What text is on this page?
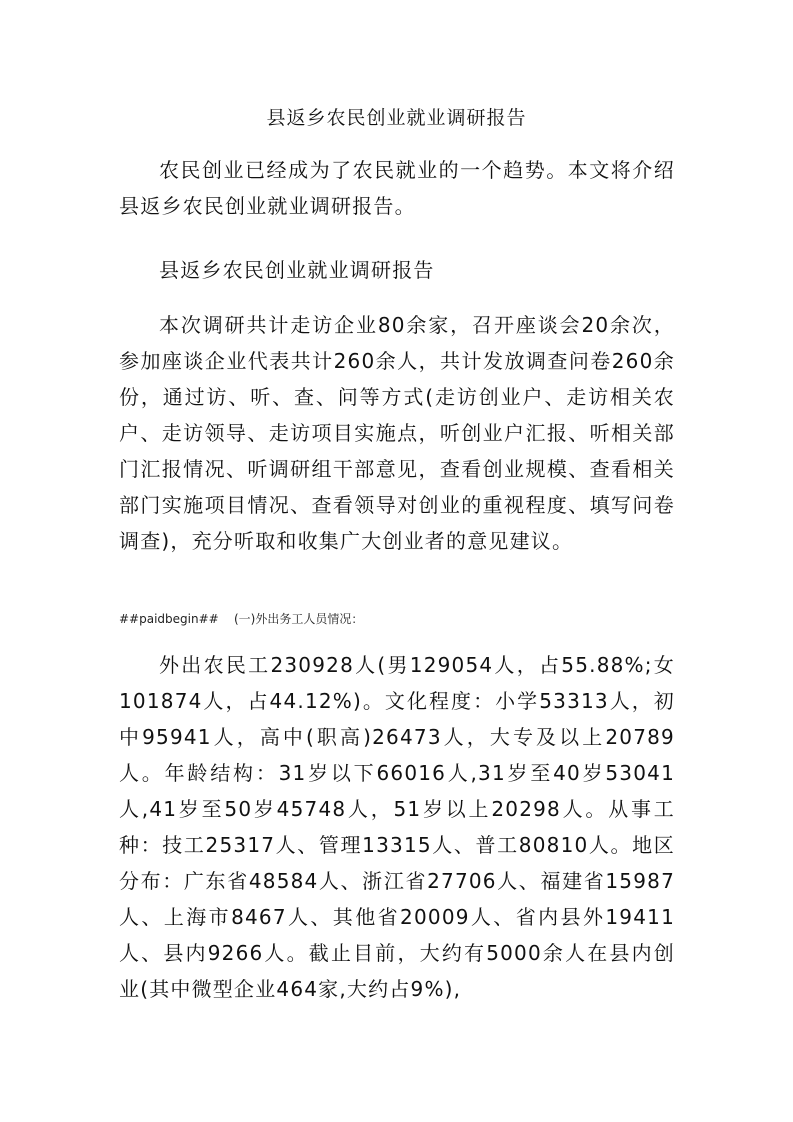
县返乡农民创业就业调研报告

农民创业已经成为了农民就业的一个趋势。本文将介绍县返乡农民创业就业调研报告。

县返乡农民创业就业调研报告

本次调研共计走访企业80余家，召开座谈会20余次，参加座谈企业代表共计260余人，共计发放调查问卷260余份，通过访、听、查、问等方式(走访创业户、走访相关农户、走访领导、走访项目实施点，听创业户汇报、听相关部门汇报情况、听调研组干部意见，查看创业规模、查看相关部门实施项目情况、查看领导对创业的重视程度、填写问卷调查)，充分听取和收集广大创业者的意见建议。

##paidbegin## (一)外出务工人员情况：

外出农民工230928人(男129054人，占55.88%;女101874人，占44.12%)。文化程度：小学53313人，初中95941人，高中(职高)26473人，大专及以上20789人。年龄结构：31岁以下66016人,31岁至40岁53041人,41岁至50岁45748人，51岁以上20298人。从事工种：技工25317人、管理13315人、普工80810人。地区分布：广东省48584人、浙江省27706人、福建省15987人、上海市8467人、其他省20009人、省内县外19411人、县内9266人。截止目前，大约有5000余人在县内创业(其中微型企业464家,大约占9%),
